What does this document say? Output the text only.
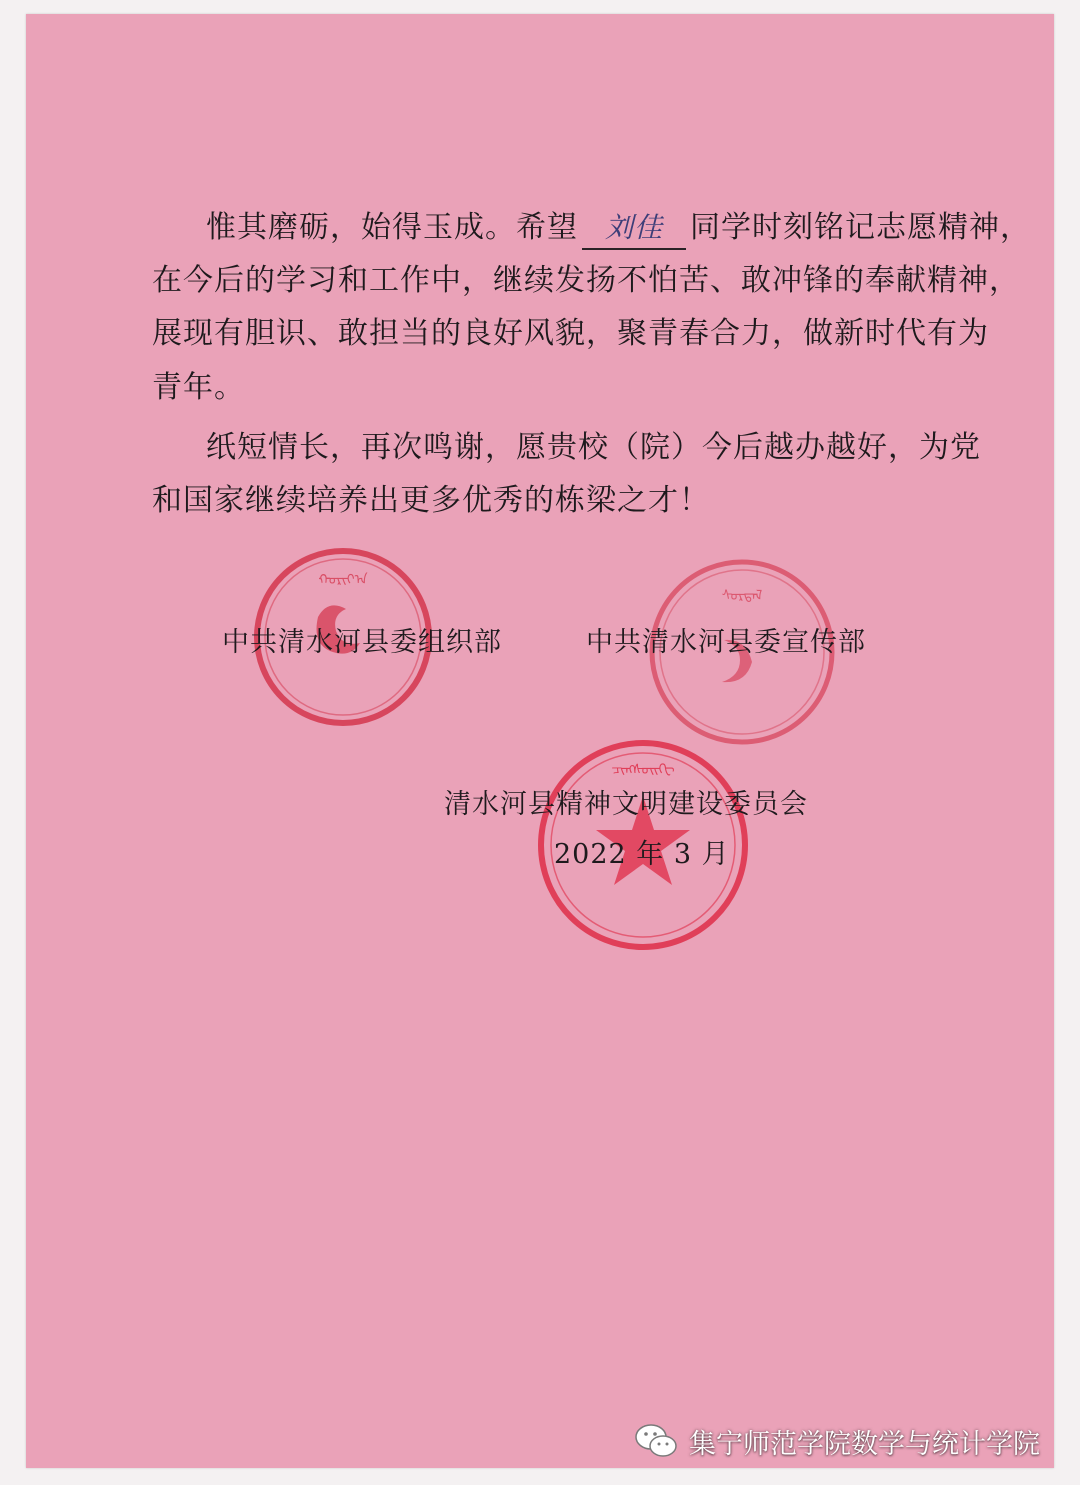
惟其磨砺，始得玉成。希望 刘佳 同学时刻铭记志愿精神，
在今后的学习和工作中，继续发扬不怕苦、敢冲锋的奉献精神，
展现有胆识、敢担当的良好风貌，聚青春合力，做新时代有为
青年。
纸短情长，再次鸣谢，愿贵校（院）今后越办越好，为党
和国家继续培养出更多优秀的栋梁之才！
ᠬᠣᠷᠢᠶ᠎ᠠ
ᠰᠤᠷᠲᠠᠯ
ᠴᠢᠩᠰᠤᠢᠬᠧ
中共清水河县委组织部	中共清水河县委宣传部
清水河县精神文明建设委员会
2022 年 3 月
集宁师范学院数学与统计学院
